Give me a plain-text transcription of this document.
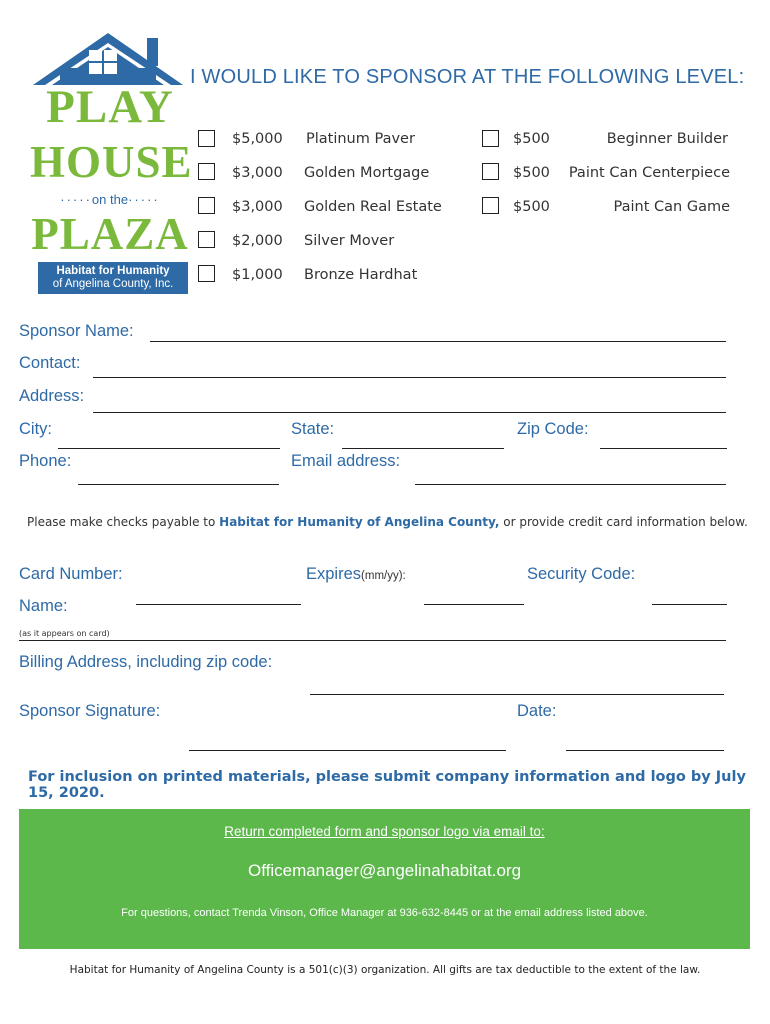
PLAY
HOUSE
·····on the·····
PLAZA
Habitat for Humanity
of Angelina County, Inc.
I WOULD LIKE TO SPONSOR AT THE FOLLOWING LEVEL:
$5,000 Platinum Paver
$3,000 Golden Mortgage
$3,000 Golden Real Estate
$2,000 Silver Mover
$1,000 Bronze Hardhat
$500	Beginner Builder
$500	Paint Can Centerpiece
$500	Paint Can Game
Sponsor Name:
Contact:
Address:
City:	State:	Zip Code:
Phone:	Email address:
Please make checks payable to Habitat for Humanity of Angelina County, or provide credit card information below.
Card Number:	Expires(mm/yy):	Security Code:
Name:
(as it appears on card)
Billing Address, including zip code:
Sponsor Signature:	Date:
For inclusion on printed materials, please submit company information and logo by July 15, 2020.
Return completed form and sponsor logo via email to:
Officemanager@angelinahabitat.org
For questions, contact Trenda Vinson, Office Manager at 936-632-8445 or at the email address listed above.
Habitat for Humanity of Angelina County is a 501(c)(3) organization. All gifts are tax deductible to the extent of the law.
